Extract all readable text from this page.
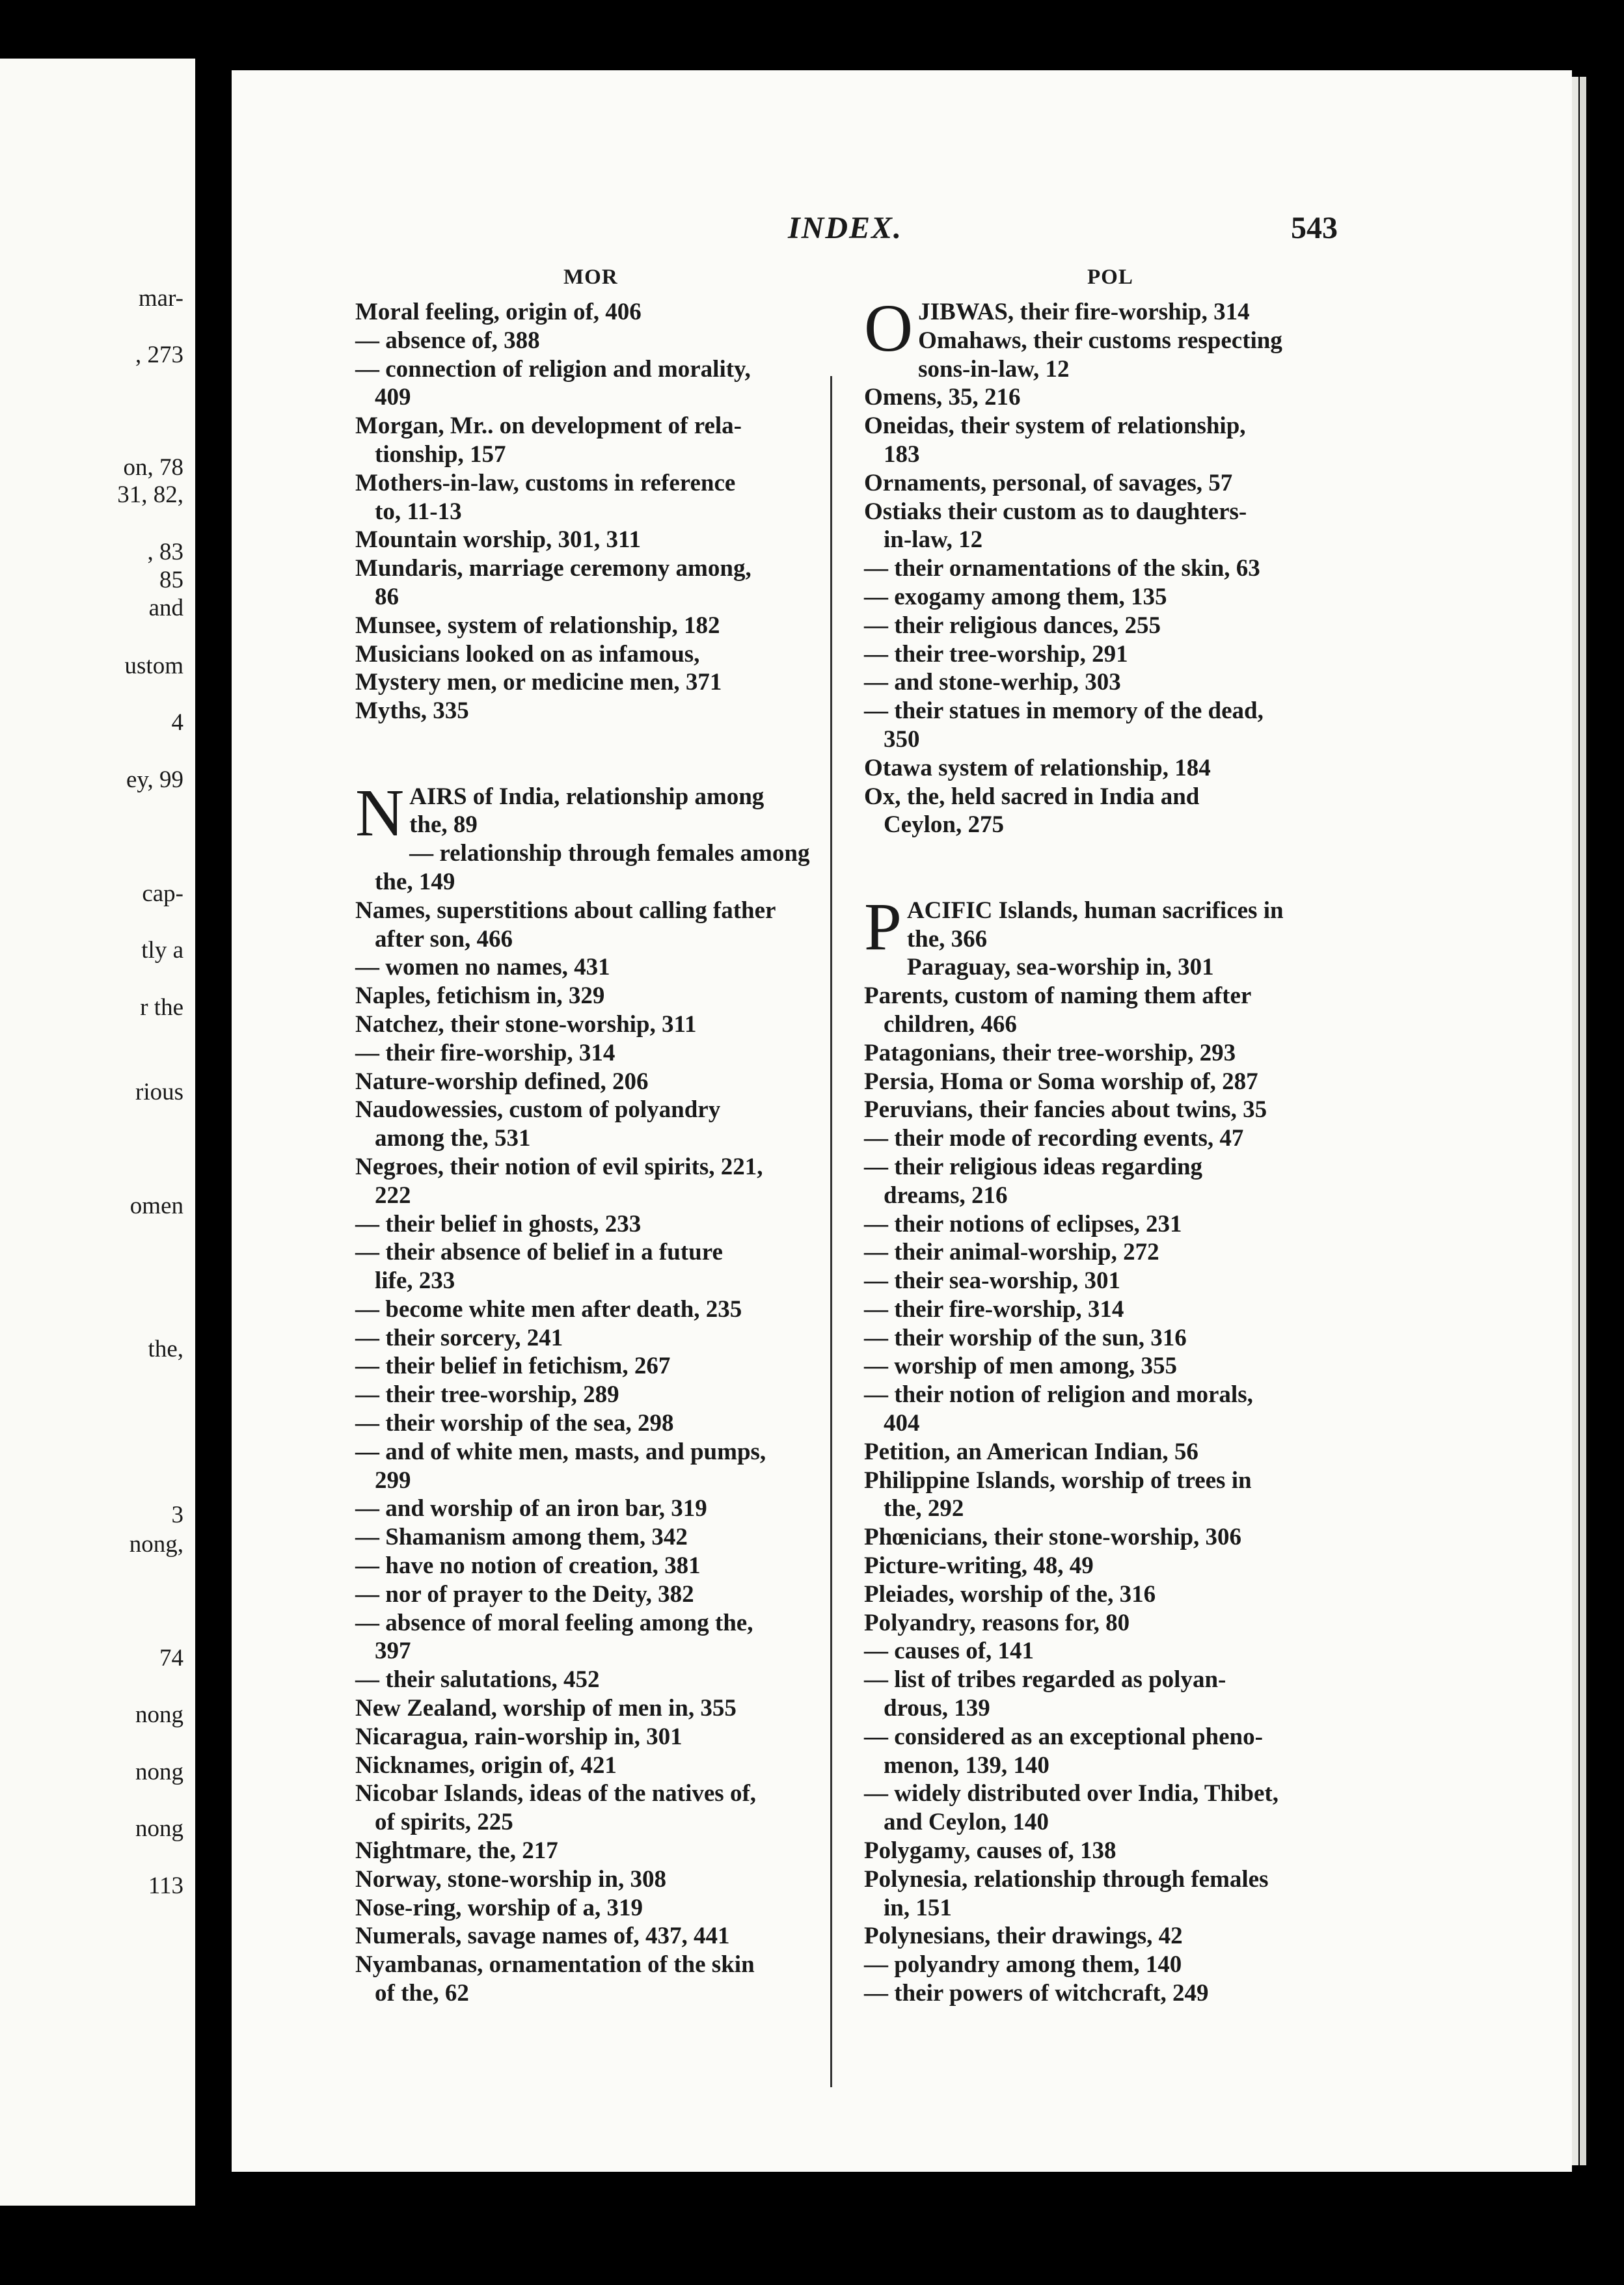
mar-
, 273
on, 78
31, 82,
, 83
85
and
ustom
4
ey, 99
cap-
tly a
r the
rious
omen
the,
3
nong,
74
nong
nong
nong
113
INDEX.	543
MOR	POL
Moral feeling, origin of, 406
— absence of, 388
— connection of religion and morality,
409
Morgan, Mr.. on development of rela-
tionship, 157
Mothers-in-law, customs in reference
to, 11-13
Mountain worship, 301, 311
Mundaris, marriage ceremony among,
86
Munsee, system of relationship, 182
Musicians looked on as infamous,
Mystery men, or medicine men, 371
Myths, 335
N AIRS of India, relationship among
the, 89
— relationship through females among
the, 149
Names, superstitions about calling father
after son, 466
— women no names, 431
Naples, fetichism in, 329
Natchez, their stone-worship, 311
— their fire-worship, 314
Nature-worship defined, 206
Naudowessies, custom of polyandry
among the, 531
Negroes, their notion of evil spirits, 221,
222
— their belief in ghosts, 233
— their absence of belief in a future
life, 233
— become white men after death, 235
— their sorcery, 241
— their belief in fetichism, 267
— their tree-worship, 289
— their worship of the sea, 298
— and of white men, masts, and pumps,
299
— and worship of an iron bar, 319
— Shamanism among them, 342
— have no notion of creation, 381
— nor of prayer to the Deity, 382
— absence of moral feeling among the,
397
— their salutations, 452
New Zealand, worship of men in, 355
Nicaragua, rain-worship in, 301
Nicknames, origin of, 421
Nicobar Islands, ideas of the natives of,
of spirits, 225
Nightmare, the, 217
Norway, stone-worship in, 308
Nose-ring, worship of a, 319
Numerals, savage names of, 437, 441
Nyambanas, ornamentation of the skin
of the, 62
O JIBWAS, their fire-worship, 314
Omahaws, their customs respecting
sons-in-law, 12
Omens, 35, 216
Oneidas, their system of relationship,
183
Ornaments, personal, of savages, 57
Ostiaks their custom as to daughters-
in-law, 12
— their ornamentations of the skin, 63
— exogamy among them, 135
— their religious dances, 255
— their tree-worship, 291
— and stone-werhip, 303
— their statues in memory of the dead,
350
Otawa system of relationship, 184
Ox, the, held sacred in India and
Ceylon, 275
P ACIFIC Islands, human sacrifices in
the, 366
Paraguay, sea-worship in, 301
Parents, custom of naming them after
children, 466
Patagonians, their tree-worship, 293
Persia, Homa or Soma worship of, 287
Peruvians, their fancies about twins, 35
— their mode of recording events, 47
— their religious ideas regarding
dreams, 216
— their notions of eclipses, 231
— their animal-worship, 272
— their sea-worship, 301
— their fire-worship, 314
— their worship of the sun, 316
— worship of men among, 355
— their notion of religion and morals,
404
Petition, an American Indian, 56
Philippine Islands, worship of trees in
the, 292
Phœnicians, their stone-worship, 306
Picture-writing, 48, 49
Pleiades, worship of the, 316
Polyandry, reasons for, 80
— causes of, 141
— list of tribes regarded as polyan-
drous, 139
— considered as an exceptional pheno-
menon, 139, 140
— widely distributed over India, Thibet,
and Ceylon, 140
Polygamy, causes of, 138
Polynesia, relationship through females
in, 151
Polynesians, their drawings, 42
— polyandry among them, 140
— their powers of witchcraft, 249
